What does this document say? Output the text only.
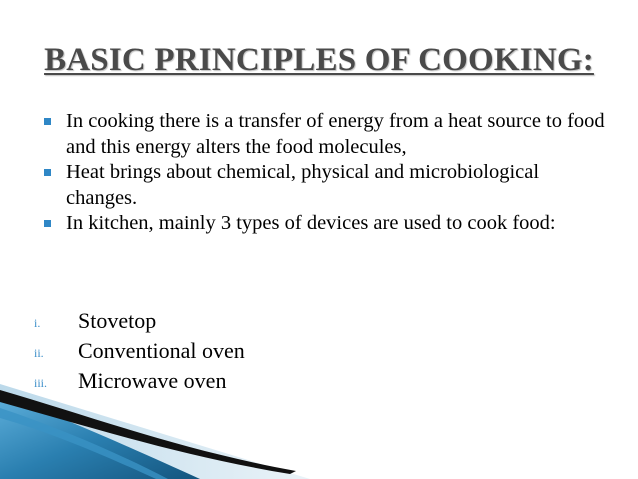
BASIC PRINCIPLES OF COOKING:
In cooking there is a transfer of energy from a heat source to food and this energy alters the food molecules,
Heat brings about chemical, physical and microbiological changes.
In kitchen, mainly 3 types of devices are used to cook food:
i. Stovetop
ii. Conventional oven
iii. Microwave oven
